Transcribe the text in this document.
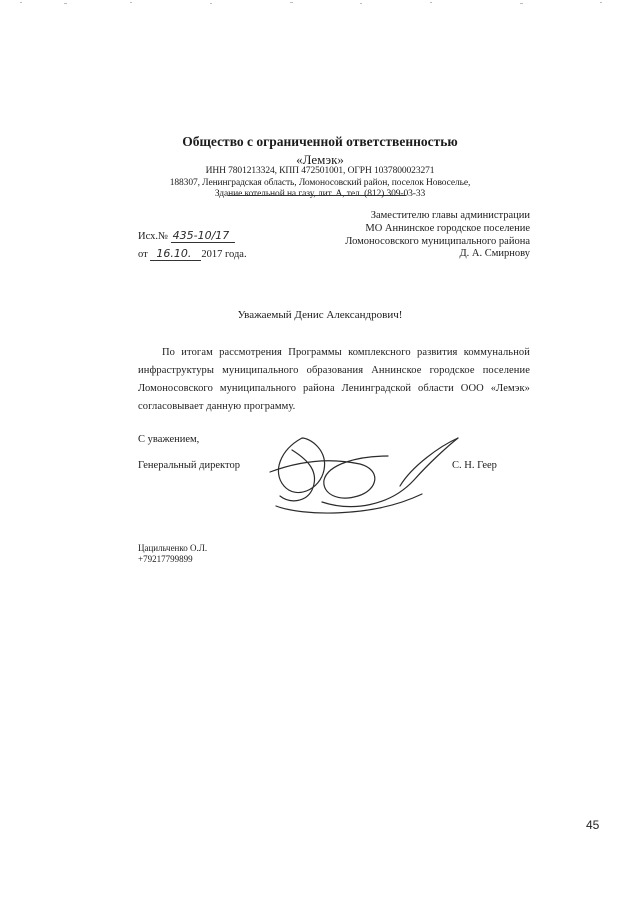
Общество с ограниченной ответственностью
«Лемэк»
ИНН 7801213324, КПП 472501001, ОГРН 1037800023271
188307, Ленинградская область, Ломоносовский район, поселок Новоселье,
Здание котельной на газу, лит. А, тел. (812) 309-03-33
Исх.№ 435-10/17
от 16.10. 2017 года.
Заместителю главы администрации
МО Аннинское городское поселение
Ломоносовского муниципального района
Д. А. Смирнову
Уважаемый Денис Александрович!
По итогам рассмотрения Программы комплексного развития коммунальной инфраструктуры муниципального образования Аннинское городское поселение Ломоносовского муниципального района Ленинградской области ООО «Лемэк» согласовывает данную программу.
С уважением,
Генеральный директор	С. Н. Геер
Цацильченко О.Л.
+79217799899
45
